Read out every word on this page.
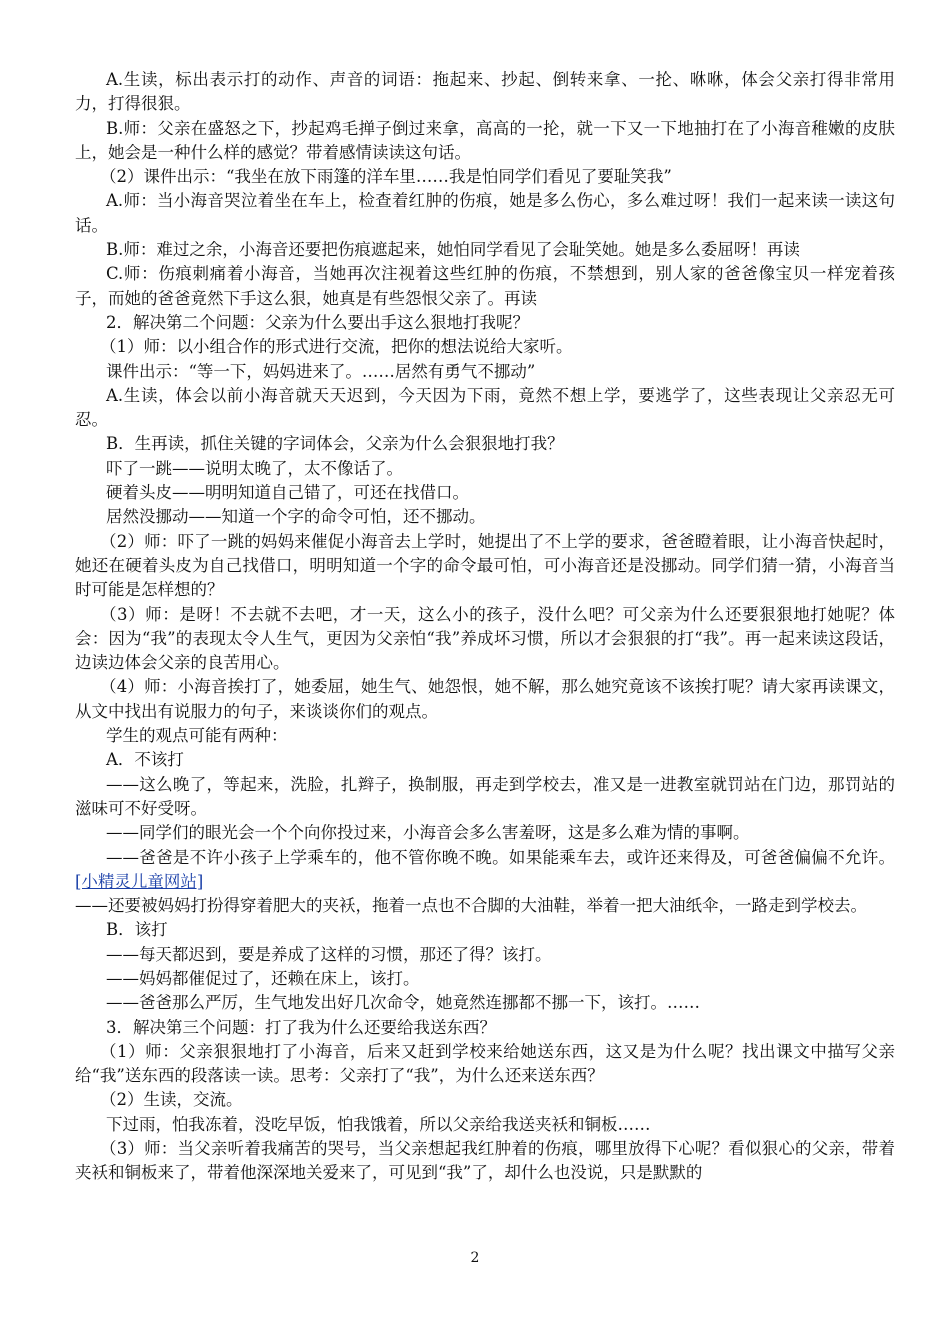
A.生读，标出表示打的动作、声音的词语：拖起来、抄起、倒转来拿、一抡、咻咻，体会父亲打得非常用力，打得很狠。

B.师：父亲在盛怒之下，抄起鸡毛掸子倒过来拿，高高的一抡，就一下又一下地抽打在了小海音稚嫩的皮肤上，她会是一种什么样的感觉？带着感情读读这句话。

（2）课件出示：“我坐在放下雨篷的洋车里……我是怕同学们看见了要耻笑我”

A.师：当小海音哭泣着坐在车上，检查着红肿的伤痕，她是多么伤心，多么难过呀！我们一起来读一读这句话。

B.师：难过之余，小海音还要把伤痕遮起来，她怕同学看见了会耻笑她。她是多么委屈呀！再读

C.师：伤痕刺痛着小海音，当她再次注视着这些红肿的伤痕，不禁想到，别人家的爸爸像宝贝一样宠着孩子，而她的爸爸竟然下手这么狠，她真是有些怨恨父亲了。再读

2．解决第二个问题：父亲为什么要出手这么狠地打我呢？

（1）师：以小组合作的形式进行交流，把你的想法说给大家听。

课件出示：“等一下，妈妈进来了。……居然有勇气不挪动”

A.生读，体会以前小海音就天天迟到，今天因为下雨，竟然不想上学，要逃学了，这些表现让父亲忍无可忍。

B．生再读，抓住关键的字词体会，父亲为什么会狠狠地打我？

吓了一跳——说明太晚了，太不像话了。

硬着头皮——明明知道自己错了，可还在找借口。

居然没挪动——知道一个字的命令可怕，还不挪动。

（2）师：吓了一跳的妈妈来催促小海音去上学时，她提出了不上学的要求，爸爸瞪着眼，让小海音快起时，她还在硬着头皮为自己找借口，明明知道一个字的命令最可怕，可小海音还是没挪动。同学们猜一猜，小海音当时可能是怎样想的？

（3）师：是呀！不去就不去吧，才一天，这么小的孩子，没什么吧？可父亲为什么还要狠狠地打她呢？体会：因为“我”的表现太令人生气，更因为父亲怕“我”养成坏习惯，所以才会狠狠的打“我”。再一起来读这段话，边读边体会父亲的良苦用心。

（4）师：小海音挨打了，她委屈，她生气、她怨恨，她不解，那么她究竟该不该挨打呢？请大家再读课文，从文中找出有说服力的句子，来谈谈你们的观点。

学生的观点可能有两种：

A．不该打

——这么晚了，等起来，洗脸，扎辫子，换制服，再走到学校去，准又是一进教室就罚站在门边，那罚站的滋味可不好受呀。

——同学们的眼光会一个个向你投过来，小海音会多么害羞呀，这是多么难为情的事啊。

——爸爸是不许小孩子上学乘车的，他不管你晚不晚。如果能乘车去，或许还来得及，可爸爸偏偏不允许。[小精灵儿童网站]

——还要被妈妈打扮得穿着肥大的夹袄，拖着一点也不合脚的大油鞋，举着一把大油纸伞，一路走到学校去。

B．该打

——每天都迟到，要是养成了这样的习惯，那还了得？该打。

——妈妈都催促过了，还赖在床上，该打。

——爸爸那么严厉，生气地发出好几次命令，她竟然连挪都不挪一下，该打。……

3．解决第三个问题：打了我为什么还要给我送东西？

（1）师：父亲狠狠地打了小海音，后来又赶到学校来给她送东西，这又是为什么呢？找出课文中描写父亲给“我”送东西的段落读一读。思考：父亲打了“我”，为什么还来送东西？

（2）生读，交流。

下过雨，怕我冻着，没吃早饭，怕我饿着，所以父亲给我送夹袄和铜板……

（3）师：当父亲听着我痛苦的哭号，当父亲想起我红肿着的伤痕，哪里放得下心呢？看似狠心的父亲，带着夹袄和铜板来了，带着他深深地关爱来了，可见到“我”了，却什么也没说，只是默默的

2
